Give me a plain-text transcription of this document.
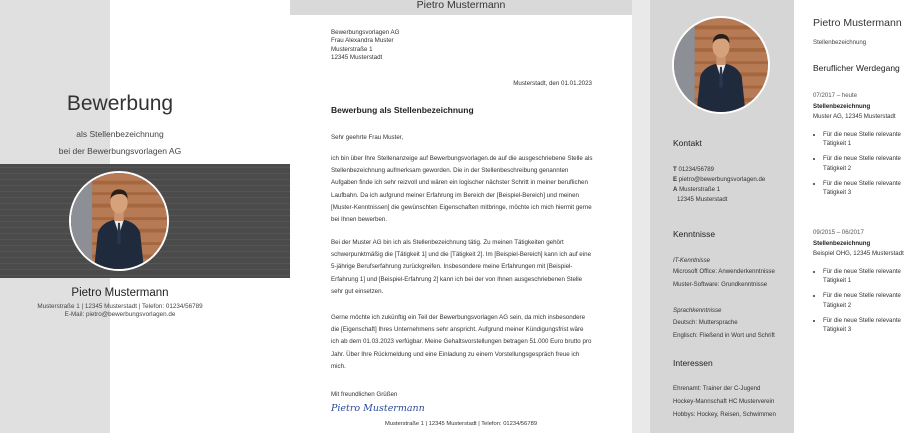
Bewerbung
als Stellenbezeichnung
bei der Bewerbungsvorlagen AG
Pietro Mustermann
Musterstraße 1 | 12345 Musterstadt | Telefon: 01234/56789
E-Mail: pietro@bewerbungsvorlagen.de
Pietro Mustermann
Bewerbungsvorlagen AG
Frau Alexandra Muster
Musterstraße 1
12345 Musterstadt
Musterstadt, den 01.01.2023
Bewerbung als Stellenbezeichnung
Sehr geehrte Frau Muster,
ich bin über Ihre Stellenanzeige auf Bewerbungsvorlagen.de auf die ausgeschriebene Stelle als Stellenbezeichnung aufmerksam geworden. Die in der Stellenbeschreibung genannten Aufgaben finde ich sehr reizvoll und wären ein logischer nächster Schritt in meiner beruflichen Laufbahn. Da ich aufgrund meiner Erfahrung im Bereich der [Beispiel-Bereich] und meinen [Muster-Kenntnissen] die gewünschten Eigenschaften mitbringe, möchte ich mich hiermit gerne bei Ihnen bewerben.
Bei der Muster AG bin ich als Stellenbezeichnung tätig. Zu meinen Tätigkeiten gehört schwerpunktmäßig die [Tätigkeit 1] und die [Tätigkeit 2]. Im [Beispiel-Bereich] kann ich auf eine 5-jährige Berufserfahrung zurückgreifen. Insbesondere meine Erfahrungen mit [Beispiel-Erfahrung 1] und [Beispiel-Erfahrung 2] kann ich bei der von Ihnen ausgeschriebenen Stelle sehr gut einsetzen.
Gerne möchte ich zukünftig ein Teil der Bewerbungsvorlagen AG sein, da mich insbesondere die [Eigenschaft] Ihres Unternehmens sehr anspricht. Aufgrund meiner Kündigungsfrist wäre ich ab dem 01.03.2023 verfügbar. Meine Gehaltsvorstellungen betragen 51.000 Euro brutto pro Jahr. Über Ihre Rückmeldung und eine Einladung zu einem Vorstellungsgespräch freue ich mich.
Mit freundlichen Grüßen
Pietro Mustermann
Musterstraße 1 | 12345 Musterstadt | Telefon: 01234/56789
Kontakt
T 01234/56789
E pietro@bewerbungsvorlagen.de
A Musterstraße 1
12345 Musterstadt
Kenntnisse
IT-Kenntnisse
Microsoft Office: Anwenderkenntnisse
Muster-Software: Grundkenntnisse
Sprachkenntnisse
Deutsch: Muttersprache
Englisch: Fließend in Wort und Schrift
Interessen
Ehrenamt: Trainer der C-Jugend
Hockey-Mannschaft HC Musterverein
Hobbys: Hockey, Reisen, Schwimmen
Pietro Mustermann
Stellenbezeichnung
Beruflicher Werdegang
07/2017 – heute
Stellenbezeichnung
Muster AG, 12345 Musterstadt
• Für die neue Stelle relevante Tätigkeit 1
• Für die neue Stelle relevante Tätigkeit 2
• Für die neue Stelle relevante Tätigkeit 3
09/2015 – 06/2017
Stellenbezeichnung
Beispiel OHG, 12345 Musterstadt
• Für die neue Stelle relevante Tätigkeit 1
• Für die neue Stelle relevante Tätigkeit 2
• Für die neue Stelle relevante Tätigkeit 3
